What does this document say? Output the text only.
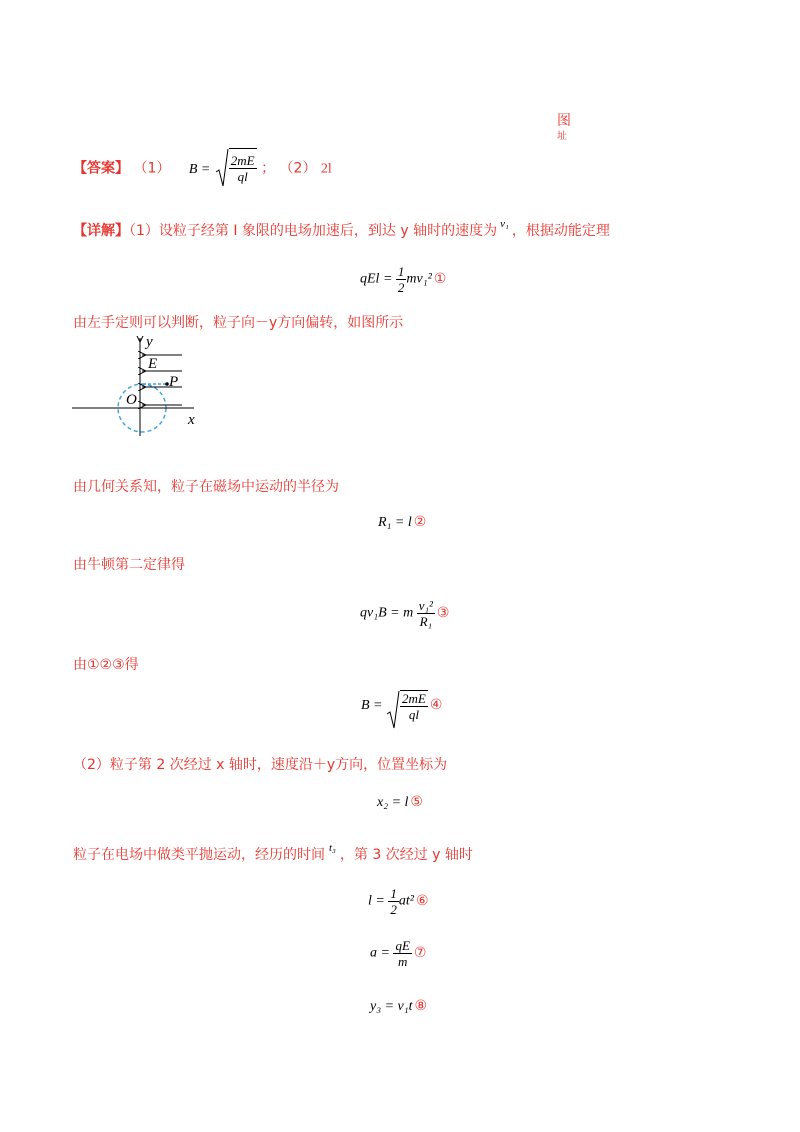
图
址
【答案】 （1） $B = \frac{2mE}{ql}$ ； （2） 2l
【详解】（1）设粒子经第 I 象限的电场加速后，到达 y 轴时的速度为 $^{v_1}$ ，根据动能定理
qEl = $\frac{1}{2} mv_1^2$ ①
由左手定则可以判断，粒子向－y方向偏转，如图所示
y
E
P
O
x
由几何关系知，粒子在磁场中运动的半径为
R₁ = l ②
由牛顿第二定律得
qv₁B = m $\frac{\text{v₁²}}{\text{R₁}}$ ③
由①②③得
$B = \frac{2mE}{ql}$ ④
（2）粒子第 2 次经过 x 轴时，速度沿＋y方向，位置坐标为
x₂ = l ⑤
粒子在电场中做类平抛运动，经历的时间 $^{t_3}$ ，第 3 次经过 y 轴时
$l = \frac{1}{2} at^2$ ⑥
$a = \frac{qE}{m}$ ⑦
y₃ = v₁t ⑧
